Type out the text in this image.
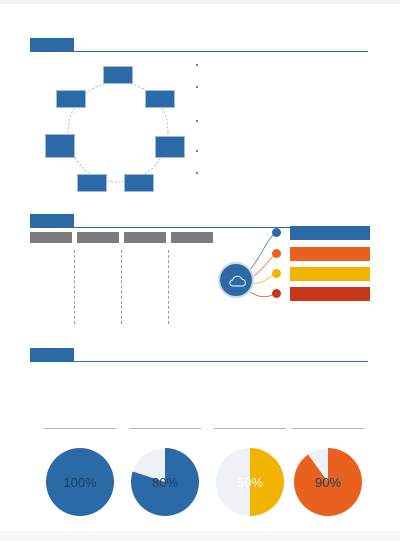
100%	80%	50%	90%
